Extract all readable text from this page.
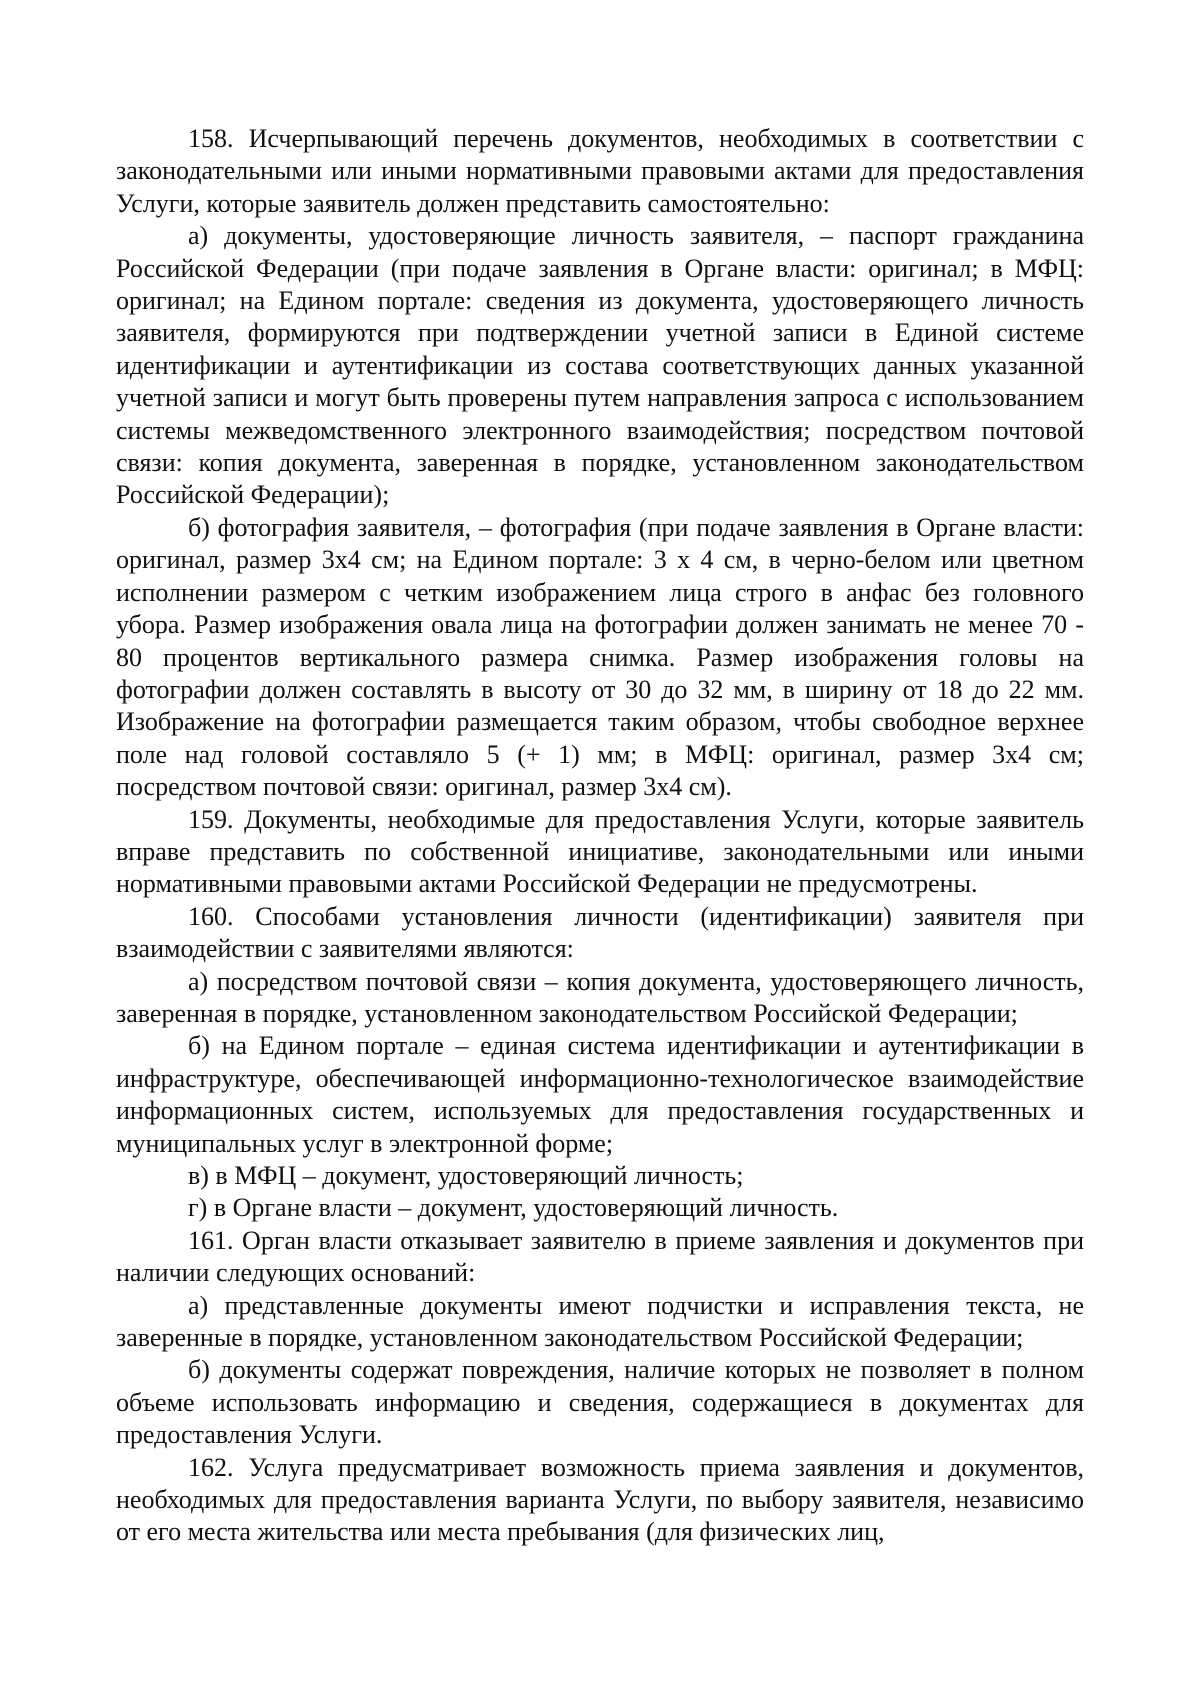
158. Исчерпывающий перечень документов, необходимых в соответствии с законодательными или иными нормативными правовыми актами для предоставления Услуги, которые заявитель должен представить самостоятельно:

а) документы, удостоверяющие личность заявителя, – паспорт гражданина Российской Федерации (при подаче заявления в Органе власти: оригинал; в МФЦ: оригинал; на Едином портале: сведения из документа, удостоверяющего личность заявителя, формируются при подтверждении учетной записи в Единой системе идентификации и аутентификации из состава соответствующих данных указанной учетной записи и могут быть проверены путем направления запроса с использованием системы межведомственного электронного взаимодействия; посредством почтовой связи: копия документа, заверенная в порядке, установленном законодательством Российской Федерации);

б) фотография заявителя, – фотография (при подаче заявления в Органе власти: оригинал, размер 3x4 см; на Едином портале: 3 x 4 см, в черно-белом или цветном исполнении размером с четким изображением лица строго в анфас без головного убора. Размер изображения овала лица на фотографии должен занимать не менее 70 - 80 процентов вертикального размера снимка. Размер изображения головы на фотографии должен составлять в высоту от 30 до 32 мм, в ширину от 18 до 22 мм. Изображение на фотографии размещается таким образом, чтобы свободное верхнее поле над головой составляло 5 (+ 1) мм; в МФЦ: оригинал, размер 3x4 см; посредством почтовой связи: оригинал, размер 3x4 см).

159. Документы, необходимые для предоставления Услуги, которые заявитель вправе представить по собственной инициативе, законодательными или иными нормативными правовыми актами Российской Федерации не предусмотрены.

160. Способами установления личности (идентификации) заявителя при взаимодействии с заявителями являются:

а) посредством почтовой связи – копия документа, удостоверяющего личность, заверенная в порядке, установленном законодательством Российской Федерации;

б) на Едином портале – единая система идентификации и аутентификации в инфраструктуре, обеспечивающей информационно-технологическое взаимодействие информационных систем, используемых для предоставления государственных и муниципальных услуг в электронной форме;

в) в МФЦ – документ, удостоверяющий личность;

г) в Органе власти – документ, удостоверяющий личность.

161. Орган власти отказывает заявителю в приеме заявления и документов при наличии следующих оснований:

а) представленные документы имеют подчистки и исправления текста, не заверенные в порядке, установленном законодательством Российской Федерации;

б) документы содержат повреждения, наличие которых не позволяет в полном объеме использовать информацию и сведения, содержащиеся в документах для предоставления Услуги.

162. Услуга предусматривает возможность приема заявления и документов, необходимых для предоставления варианта Услуги, по выбору заявителя, независимо от его места жительства или места пребывания (для физических лиц,
